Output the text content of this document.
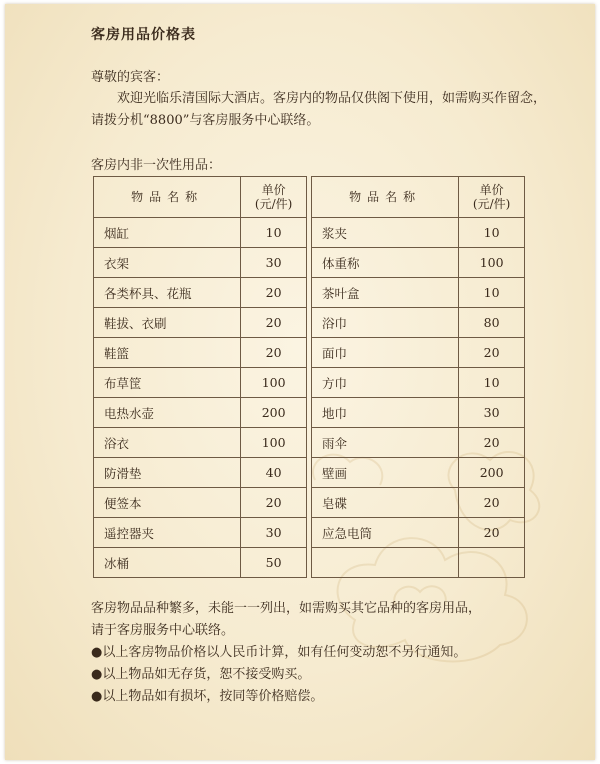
客房用品价格表
尊敬的宾客：
欢迎光临乐清国际大酒店。客房内的物品仅供阁下使用，如需购买作留念，请拨分机“8800”与客房服务中心联络。
客房内非一次性用品：
物品名称	单价
(元/件)
烟缸	10
衣架	30
各类杯具、花瓶	20
鞋拔、衣刷	20
鞋篮	20
布草筐	100
电热水壶	200
浴衣	100
防滑垫	40
便签本	20
遥控器夹	30
冰桶	50
物品名称	单价
(元/件)
浆夹	10
体重称	100
茶叶盒	10
浴巾	80
面巾	20
方巾	10
地巾	30
雨伞	20
壁画	200
皂碟	20
应急电筒	20

客房物品品种繁多，未能一一列出，如需购买其它品种的客房用品，

请于客房服务中心联络。

●以上客房物品价格以人民币计算，如有任何变动恕不另行通知。

●以上物品如无存货，恕不接受购买。

●以上物品如有损坏，按同等价格赔偿。
